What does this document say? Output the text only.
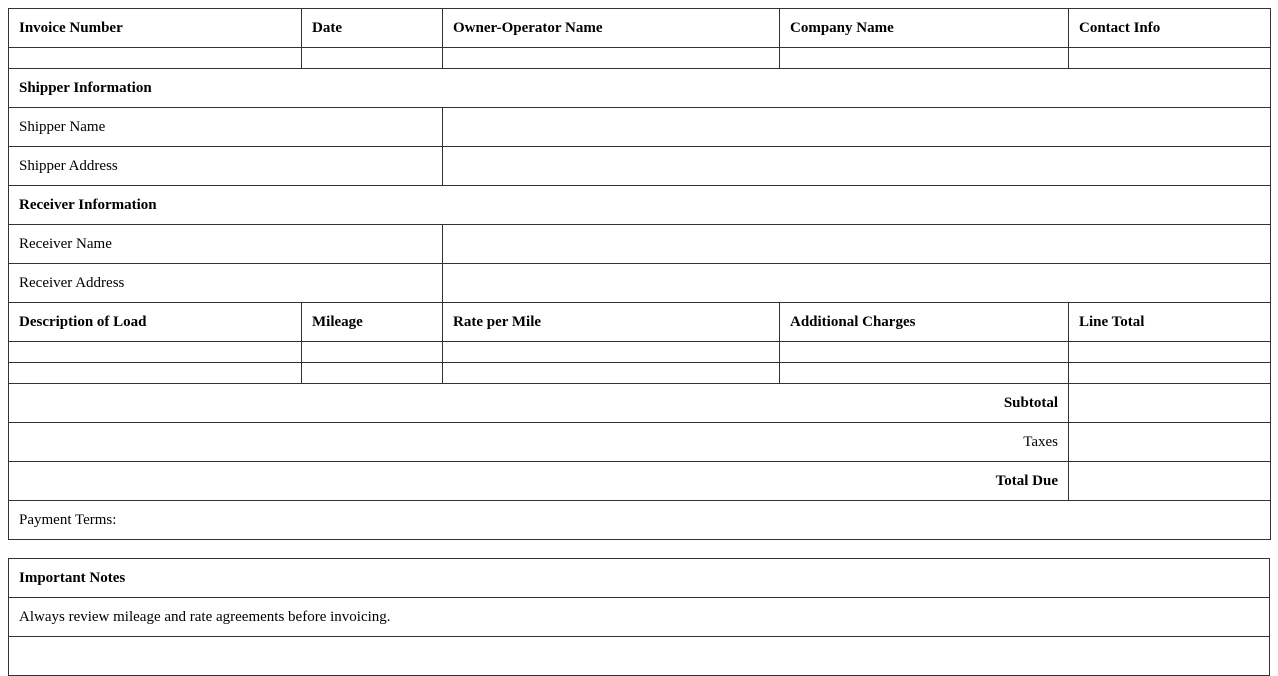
Invoice Number	Date	Owner-Operator Name	Company Name	Contact Info

Shipper Information				
Shipper Name				
Shipper Address				
Receiver Information				
Receiver Name				
Receiver Address				
Description of Load	Mileage	Rate per Mile	Additional Charges	Line Total

Subtotal				
Taxes				
Total Due				
Payment Terms:				
Important Notes
Always review mileage and rate agreements before invoicing.
